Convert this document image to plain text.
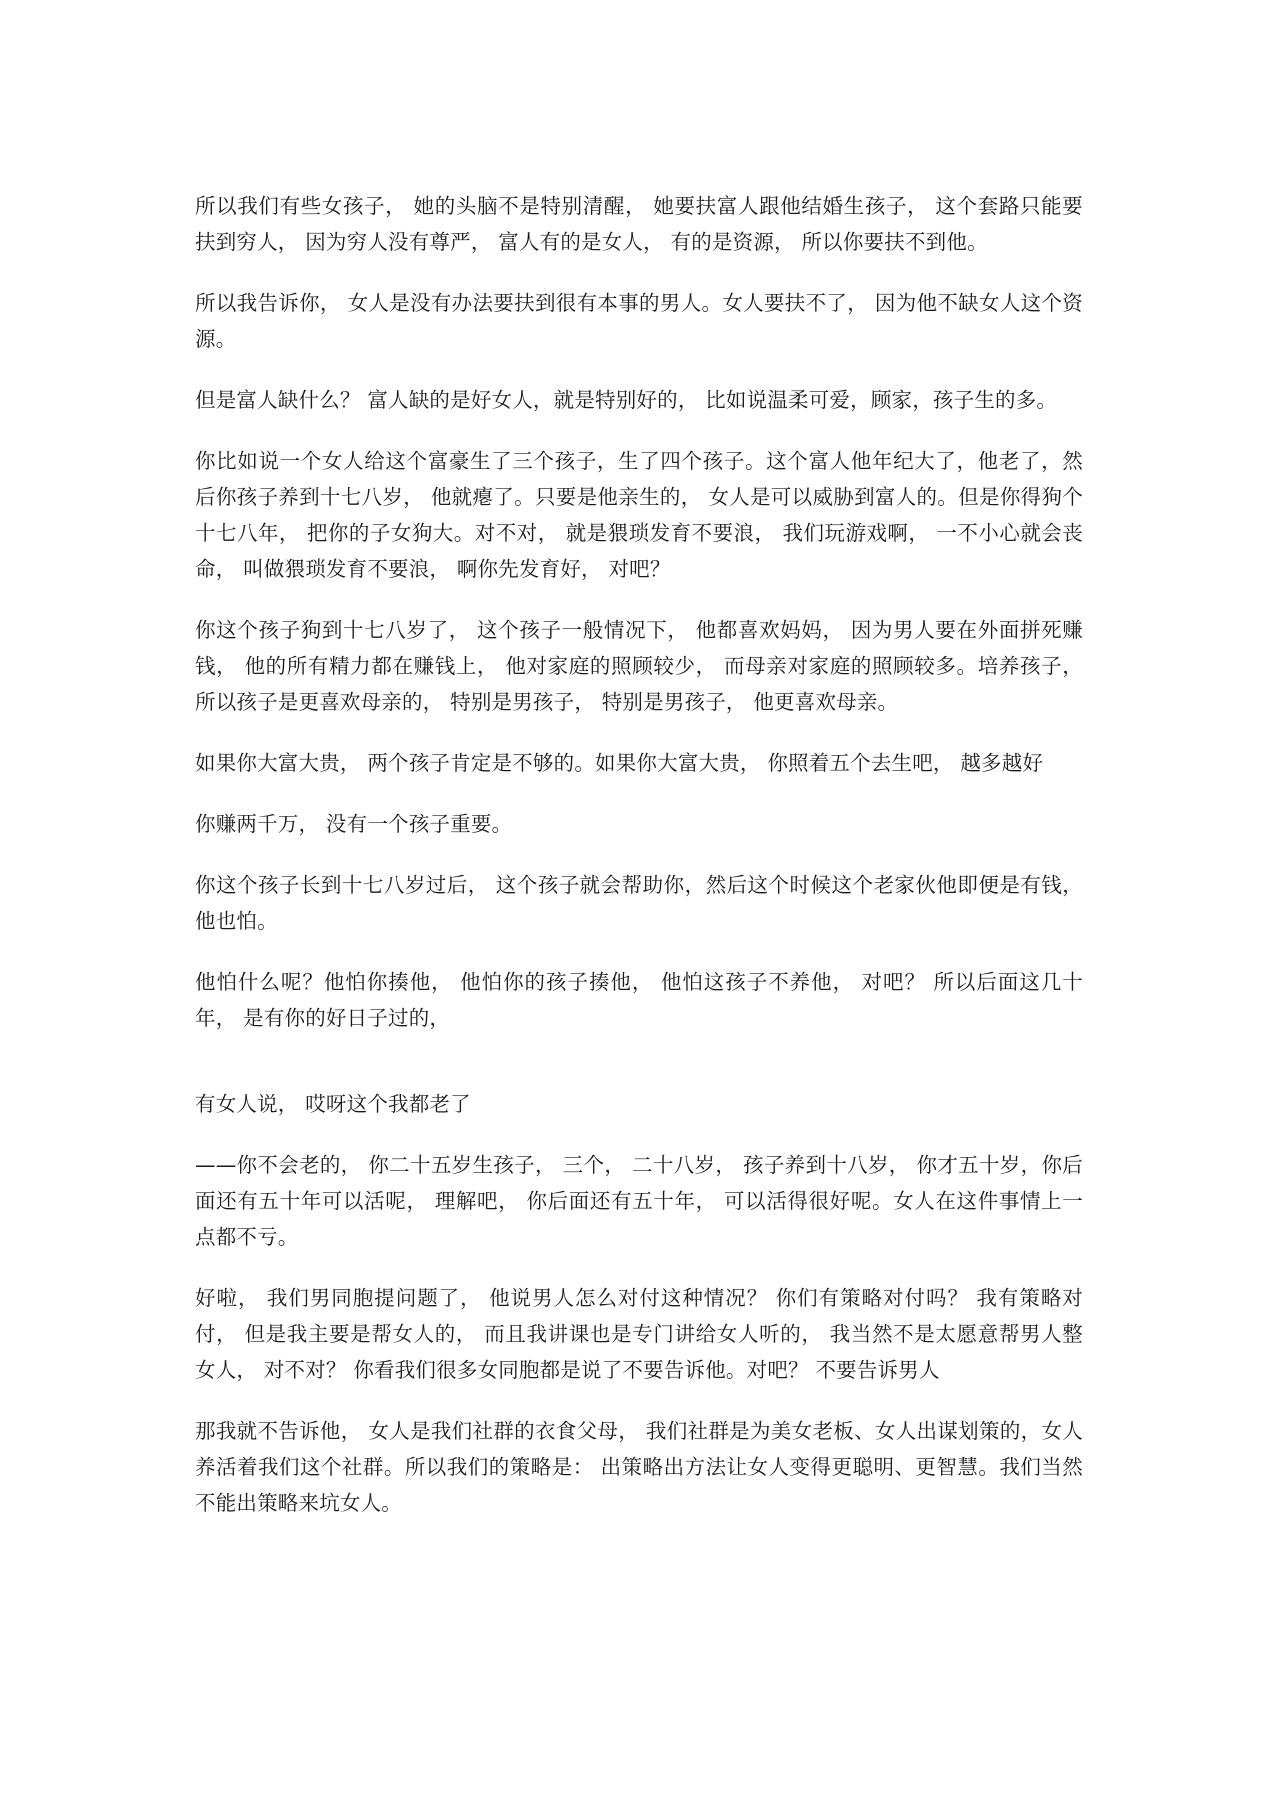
所以我们有些女孩子， 她的头脑不是特别清醒， 她要扶富人跟他结婚生孩子， 这个套路只能要扶到穷人， 因为穷人没有尊严， 富人有的是女人， 有的是资源， 所以你要扶不到他。

所以我告诉你， 女人是没有办法要扶到很有本事的男人。女人要扶不了， 因为他不缺女人这个资源。

但是富人缺什么？ 富人缺的是好女人，就是特别好的， 比如说温柔可爱，顾家，孩子生的多。

你比如说一个女人给这个富豪生了三个孩子，生了四个孩子。这个富人他年纪大了，他老了，然后你孩子养到十七八岁， 他就瘪了。只要是他亲生的， 女人是可以威胁到富人的。但是你得狗个十七八年， 把你的子女狗大。对不对， 就是猥琐发育不要浪， 我们玩游戏啊， 一不小心就会丧命， 叫做猥琐发育不要浪， 啊你先发育好， 对吧？

你这个孩子狗到十七八岁了， 这个孩子一般情况下， 他都喜欢妈妈， 因为男人要在外面拼死赚钱， 他的所有精力都在赚钱上， 他对家庭的照顾较少， 而母亲对家庭的照顾较多。培养孩子， 所以孩子是更喜欢母亲的， 特别是男孩子， 特别是男孩子， 他更喜欢母亲。

如果你大富大贵， 两个孩子肯定是不够的。如果你大富大贵， 你照着五个去生吧， 越多越好

你赚两千万， 没有一个孩子重要。

你这个孩子长到十七八岁过后， 这个孩子就会帮助你，然后这个时候这个老家伙他即便是有钱， 他也怕。

他怕什么呢？他怕你揍他， 他怕你的孩子揍他， 他怕这孩子不养他， 对吧？ 所以后面这几十年， 是有你的好日子过的，

有女人说， 哎呀这个我都老了

——你不会老的， 你二十五岁生孩子， 三个， 二十八岁， 孩子养到十八岁， 你才五十岁，你后面还有五十年可以活呢， 理解吧， 你后面还有五十年， 可以活得很好呢。女人在这件事情上一点都不亏。

好啦， 我们男同胞提问题了， 他说男人怎么对付这种情况？ 你们有策略对付吗？ 我有策略对付， 但是我主要是帮女人的， 而且我讲课也是专门讲给女人听的， 我当然不是太愿意帮男人整女人， 对不对？ 你看我们很多女同胞都是说了不要告诉他。对吧？ 不要告诉男人

那我就不告诉他， 女人是我们社群的衣食父母， 我们社群是为美女老板、女人出谋划策的，女人养活着我们这个社群。所以我们的策略是： 出策略出方法让女人变得更聪明、更智慧。我们当然不能出策略来坑女人。
